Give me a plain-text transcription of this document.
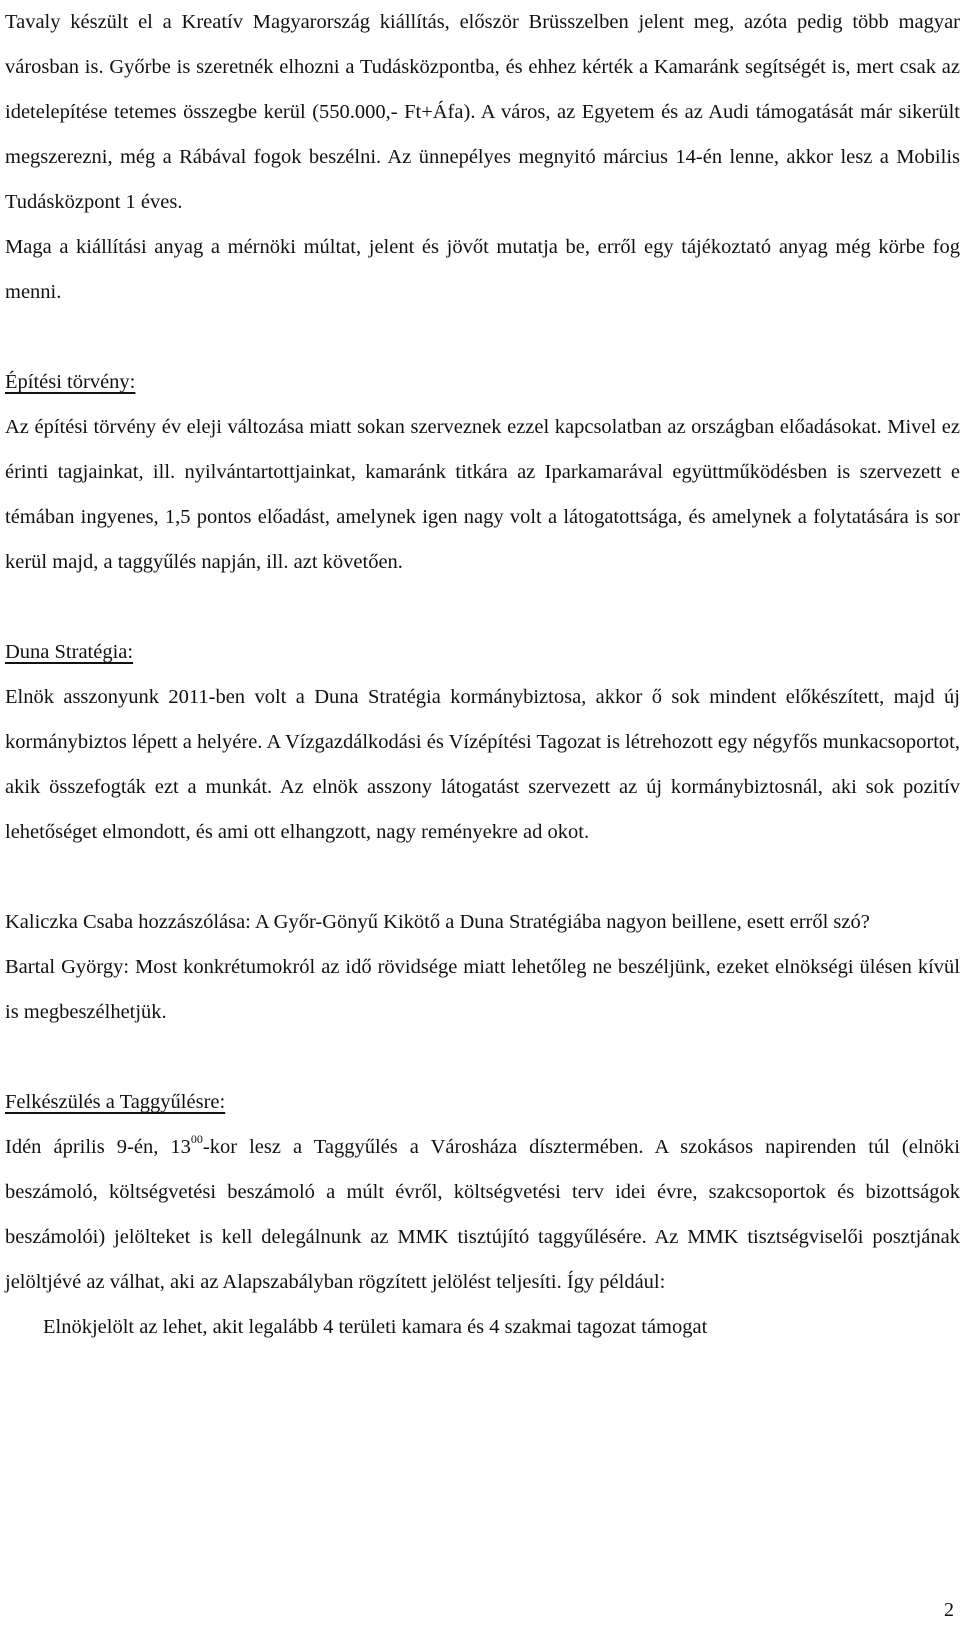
Tavaly készült el a Kreatív Magyarország kiállítás, először Brüsszelben jelent meg, azóta pedig több magyar városban is. Győrbe is szeretnék elhozni a Tudásközpontba, és ehhez kérték a Kamaránk segítségét is, mert csak az idetelepítése tetemes összegbe kerül (550.000,- Ft+Áfa). A város, az Egyetem és az Audi támogatását már sikerült megszerezni, még a Rábával fogok beszélni. Az ünnepélyes megnyitó március 14-én lenne, akkor lesz a Mobilis Tudásközpont 1 éves.

Maga a kiállítási anyag a mérnöki múltat, jelent és jövőt mutatja be, erről egy tájékoztató anyag még körbe fog menni.

Építési törvény:

Az építési törvény év eleji változása miatt sokan szerveznek ezzel kapcsolatban az országban előadásokat. Mivel ez érinti tagjainkat, ill. nyilvántartottjainkat, kamaránk titkára az Iparkamarával együttműködésben is szervezett e témában ingyenes, 1,5 pontos előadást, amelynek igen nagy volt a látogatottsága, és amelynek a folytatására is sor kerül majd, a taggyűlés napján, ill. azt követően.

Duna Stratégia:

Elnök asszonyunk 2011-ben volt a Duna Stratégia kormánybiztosa, akkor ő sok mindent előkészített, majd új kormánybiztos lépett a helyére. A Vízgazdálkodási és Vízépítési Tagozat is létrehozott egy négyfős munkacsoportot, akik összefogták ezt a munkát. Az elnök asszony látogatást szervezett az új kormánybiztosnál, aki sok pozitív lehetőséget elmondott, és ami ott elhangzott, nagy reményekre ad okot.

Kaliczka Csaba hozzászólása: A Győr-Gönyű Kikötő a Duna Stratégiába nagyon beillene, esett erről szó?

Bartal György: Most konkrétumokról az idő rövidsége miatt lehetőleg ne beszéljünk, ezeket elnökségi ülésen kívül is megbeszélhetjük.

Felkészülés a Taggyűlésre:

Idén április 9-én, $13^{00}$-kor lesz a Taggyűlés a Városháza dísztermében. A szokásos napirenden túl (elnöki beszámoló, költségvetési beszámoló a múlt évről, költségvetési terv idei évre, szakcsoportok és bizottságok beszámolói) jelölteket is kell delegálnunk az MMK tisztújító taggyűlésére. Az MMK tisztségviselői posztjának jelöltjévé az válhat, aki az Alapszabályban rögzített jelölést teljesíti. Így például:

Elnökjelölt az lehet, akit legalább 4 területi kamara és 4 szakmai tagozat támogat

2
